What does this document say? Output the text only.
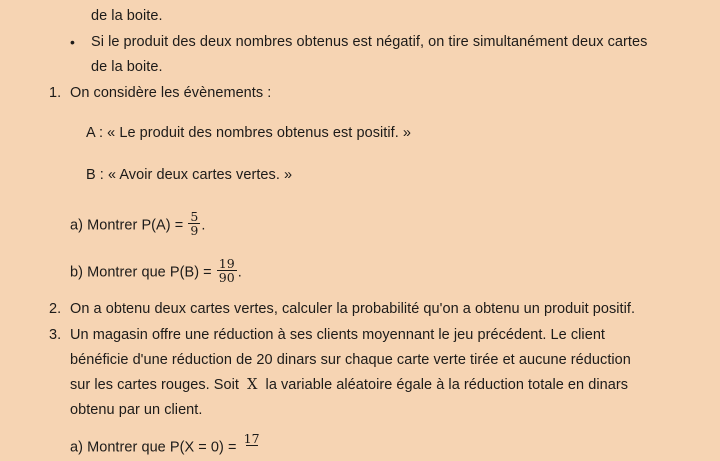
de la boite.
• Si le produit des deux nombres obtenus est négatif, on tire simultanément deux cartes
de la boite.
1. On considère les évènements :
A : « Le produit des nombres obtenus est positif. »
B : « Avoir deux cartes vertes. »
a) Montrer $P(A) = \frac{5}{9}$ .
b) Montrer que $P(B) = \frac{19}{90}$ .
2. On a obtenu deux cartes vertes, calculer la probabilité qu'on a obtenu un produit positif.
3. Un magasin offre une réduction à ses clients moyennant le jeu précédent. Le client
bénéficie d'une réduction de 20 dinars sur chaque carte verte tirée et aucune réduction
sur les cartes rouges. Soit X la variable aléatoire égale à la réduction totale en dinars
obtenu par un client.
a) Montrer que P(X = 0) =
17
